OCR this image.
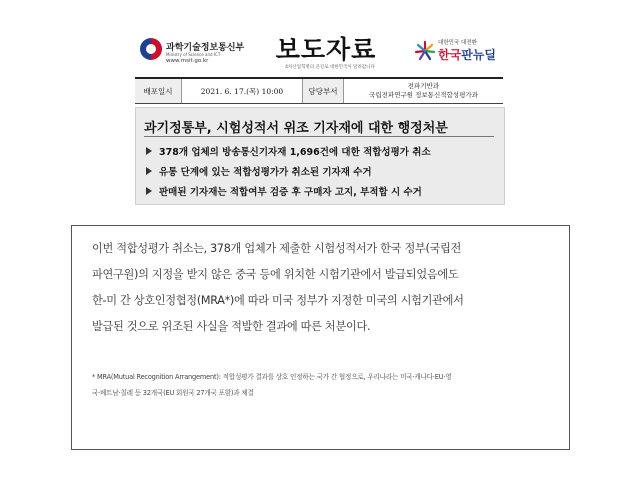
과학기술정보통신부
Ministry of Science and ICT
www.msit.go.kr	보도자료
4차산업혁명의 큰길로 대한민국이 달려갑니다
대한민국 대전환
한국판뉴딜
배포일시	2021. 6. 17.(목) 10:00	담당부서
전파기반과
국립전파연구원 정보통신적합성평가과
과기정통부, 시험성적서 위조 기자재에 대한 행정처분
378개 업체의 방송통신기자재 1,696건에 대한 적합성평가 취소
유통 단계에 있는 적합성평가가 취소된 기자재 수거
판매된 기자재는 적합여부 검증 후 구매자 고지, 부적합 시 수거
이번 적합성평가 취소는, 378개 업체가 제출한 시험성적서가 한국 정부(국립전
파연구원)의 지정을 받지 않은 중국 등에 위치한 시험기관에서 발급되었음에도
한-미 간 상호인정협정(MRA*)에 따라 미국 정부가 지정한 미국의 시험기관에서
발급된 것으로 위조된 사실을 적발한 결과에 따른 처분이다.
* MRA(Mutual Recognition Arrangement): 적합성평가 결과를 상호 인정하는 국가 간 협정으로, 우리나라는 미국‧캐나다‧EU‧영
국‧베트남‧칠레 등 32개국(EU 회원국 27개국 포함)과 체결
